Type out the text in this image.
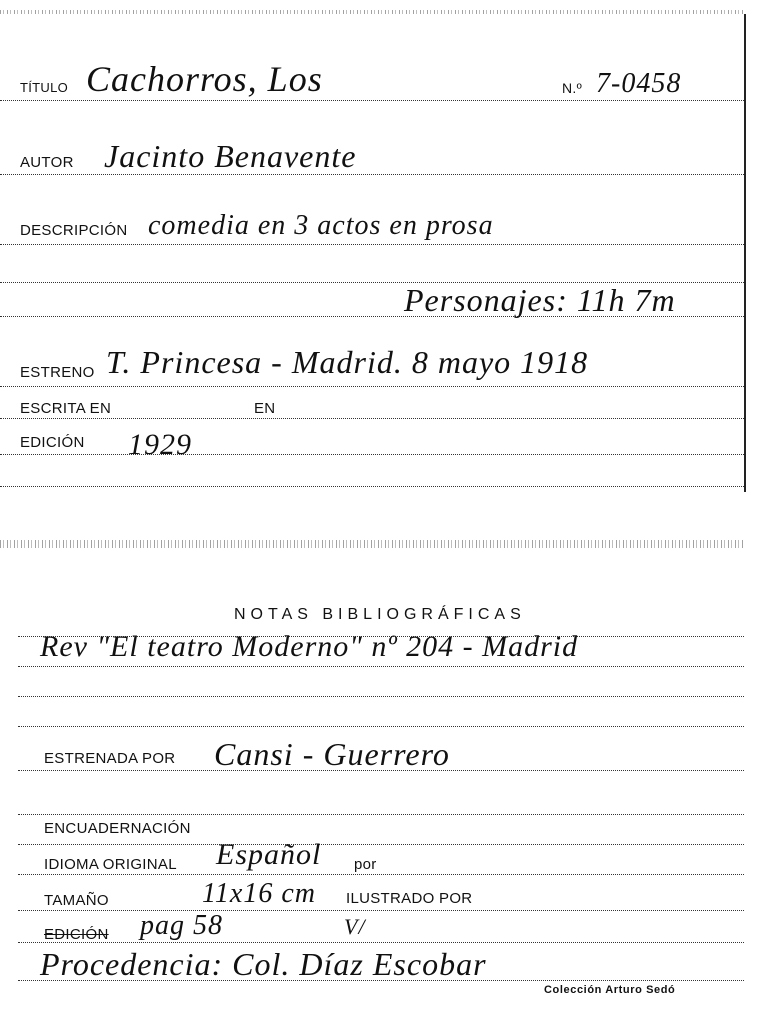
TÍTULO Cachorros, Los	N.º 7-0458
AUTOR Jacinto Benavente
DESCRIPCIÓN comedia en 3 actos en prosa
Personajes: 11h 7m
ESTRENO T. Princesa - Madrid. 8 mayo 1918
ESCRITA EN	EN
EDICIÓN 1929
NOTAS BIBLIOGRÁFICAS
Rev "El teatro Moderno" nº 204 - Madrid
ESTRENADA POR Cansi - Guerrero
ENCUADERNACIÓN
IDIOMA ORIGINAL Español por
TAMAÑO	11x16 cm ILUSTRADO POR
EDICIÓN pag 58	V/
Procedencia: Col. Díaz Escobar
Colección Arturo Sedó
